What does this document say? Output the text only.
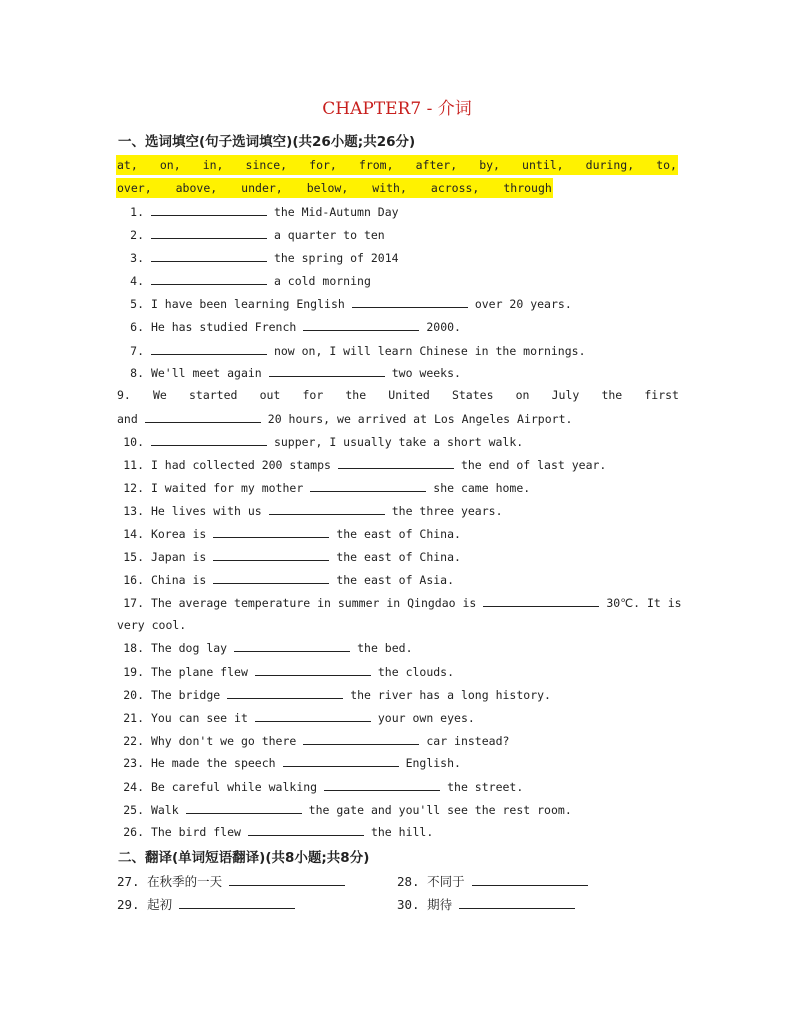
CHAPTER7 - 介词
一、选词填空(句子选词填空)(共26小题;共26分)
at, on, in, since, for, from, after, by, until, during, to,
over, above, under, below, with, across, through
1.	the Mid-Autumn Day
2.	a quarter to ten
3.	the spring of 2014
4.	a cold morning
5. I have been learning English	over 20 years.
6. He has studied French	2000.
7.	now on, I will learn Chinese in the mornings.
8. We'll meet again	two weeks.
9. We started out for the United States on July the first
and	20 hours, we arrived at Los Angeles Airport.
10.	supper, I usually take a short walk.
11. I had collected 200 stamps	the end of last year.
12. I waited for my mother	she came home.
13. He lives with us	the three years.
14. Korea is	the east of China.
15. Japan is	the east of China.
16. China is	the east of Asia.
17. The average temperature in summer in Qingdao is	30℃. It is
very cool.
18. The dog lay	the bed.
19. The plane flew	the clouds.
20. The bridge	the river has a long history.
21. You can see it	your own eyes.
22. Why don't we go there	car instead?
23. He made the speech	English.
24. Be careful while walking	the street.
25. Walk	the gate and you'll see the rest room.
26. The bird flew	the hill.
二、翻译(单词短语翻译)(共8小题;共8分)
27. 在秋季的一天	28. 不同于
29. 起初	30. 期待
